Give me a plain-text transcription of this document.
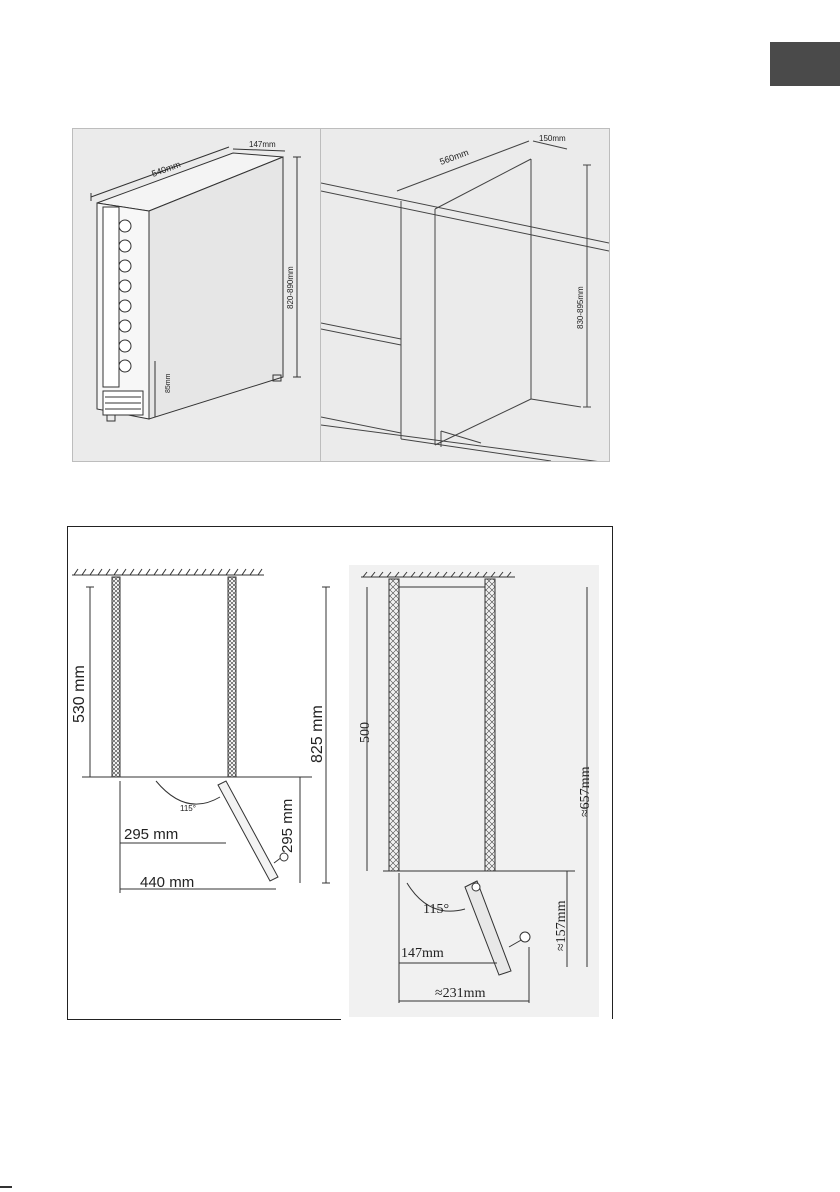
540mm
147mm
820-890mm
85mm
560mm
150mm
830-895mm
530 mm
825 mm
115°
295 mm	295 mm
440 mm
500
≈657mm
115°	≈157mm
147mm
≈231mm
